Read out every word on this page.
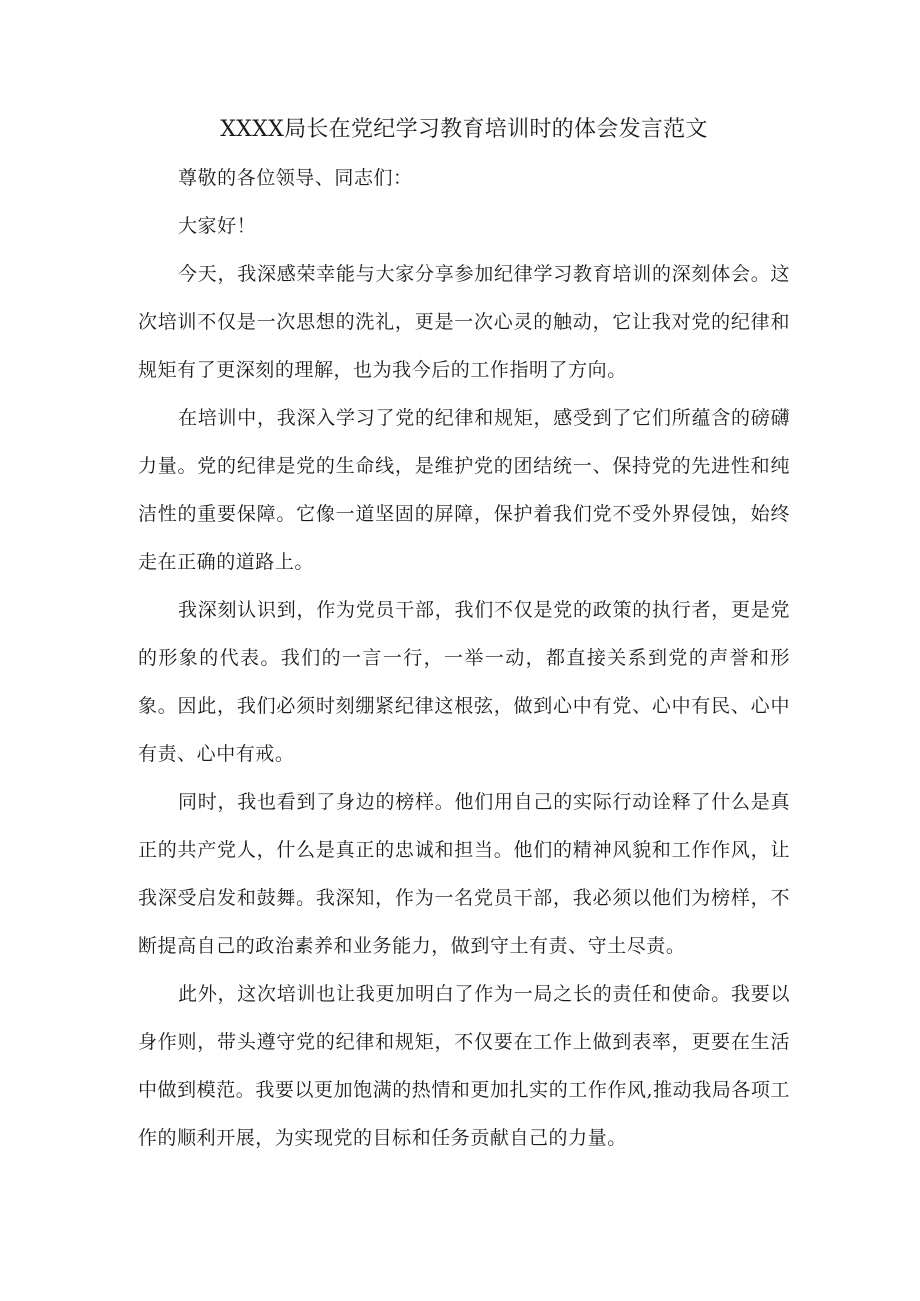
XXXX局长在党纪学习教育培训时的体会发言范文

尊敬的各位领导、同志们：

大家好！

今天，我深感荣幸能与大家分享参加纪律学习教育培训的深刻体会。这次培训不仅是一次思想的洗礼，更是一次心灵的触动，它让我对党的纪律和规矩有了更深刻的理解，也为我今后的工作指明了方向。

在培训中，我深入学习了党的纪律和规矩，感受到了它们所蕴含的磅礴力量。党的纪律是党的生命线，是维护党的团结统一、保持党的先进性和纯洁性的重要保障。它像一道坚固的屏障，保护着我们党不受外界侵蚀，始终走在正确的道路上。

我深刻认识到，作为党员干部，我们不仅是党的政策的执行者，更是党的形象的代表。我们的一言一行，一举一动，都直接关系到党的声誉和形象。因此，我们必须时刻绷紧纪律这根弦，做到心中有党、心中有民、心中有责、心中有戒。

同时，我也看到了身边的榜样。他们用自己的实际行动诠释了什么是真正的共产党人，什么是真正的忠诚和担当。他们的精神风貌和工作作风，让我深受启发和鼓舞。我深知，作为一名党员干部，我必须以他们为榜样，不断提高自己的政治素养和业务能力，做到守土有责、守土尽责。

此外，这次培训也让我更加明白了作为一局之长的责任和使命。我要以身作则，带头遵守党的纪律和规矩，不仅要在工作上做到表率，更要在生活中做到模范。我要以更加饱满的热情和更加扎实的工作作风,推动我局各项工作的顺利开展，为实现党的目标和任务贡献自己的力量。
